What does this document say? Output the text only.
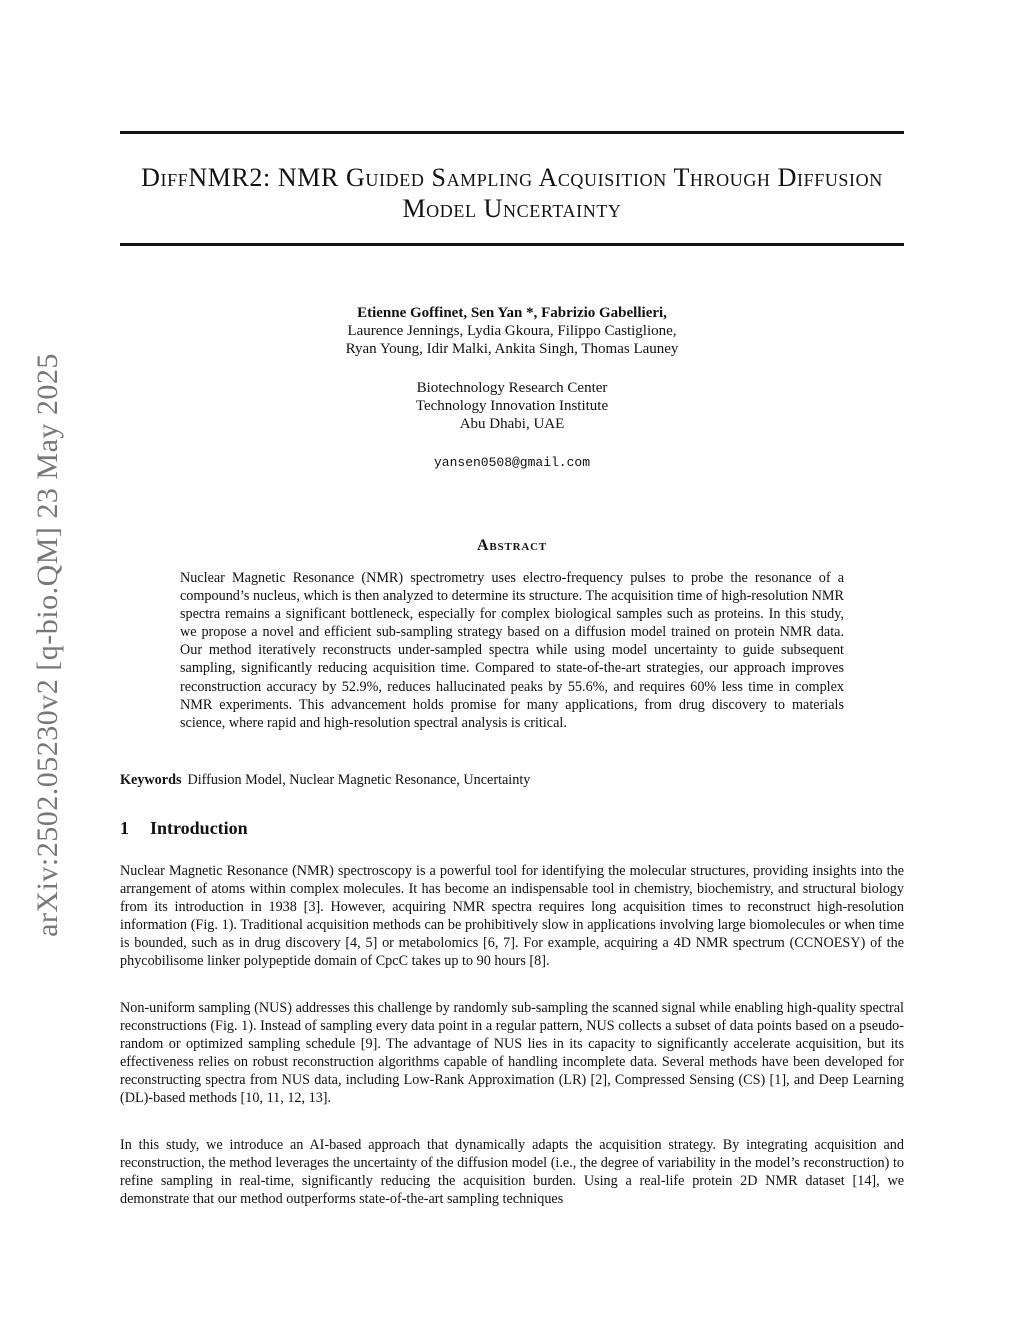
arXiv:2502.05230v2 [q-bio.QM] 23 May 2025
DiffNMR2: NMR Guided Sampling Acquisition Through Diffusion Model Uncertainty
Etienne Goffinet, Sen Yan *, Fabrizio Gabellieri,
Laurence Jennings, Lydia Gkoura, Filippo Castiglione,
Ryan Young, Idir Malki, Ankita Singh, Thomas Launey
Biotechnology Research Center
Technology Innovation Institute
Abu Dhabi, UAE
yansen0508@gmail.com
Abstract
Nuclear Magnetic Resonance (NMR) spectrometry uses electro-frequency pulses to probe the resonance of a compound’s nucleus, which is then analyzed to determine its structure. The acquisition time of high-resolution NMR spectra remains a significant bottleneck, especially for complex biological samples such as proteins. In this study, we propose a novel and efficient sub-sampling strategy based on a diffusion model trained on protein NMR data. Our method iteratively reconstructs under-sampled spectra while using model uncertainty to guide subsequent sampling, significantly reducing acquisition time. Compared to state-of-the-art strategies, our approach improves reconstruction accuracy by 52.9%, reduces hallucinated peaks by 55.6%, and requires 60% less time in complex NMR experiments. This advancement holds promise for many applications, from drug discovery to materials science, where rapid and high-resolution spectral analysis is critical.
Keywords Diffusion Model, Nuclear Magnetic Resonance, Uncertainty
1 Introduction

Nuclear Magnetic Resonance (NMR) spectroscopy is a powerful tool for identifying the molecular structures, providing insights into the arrangement of atoms within complex molecules. It has become an indispensable tool in chemistry, biochemistry, and structural biology from its introduction in 1938 [3]. However, acquiring NMR spectra requires long acquisition times to reconstruct high-resolution information (Fig. 1). Traditional acquisition methods can be prohibitively slow in applications involving large biomolecules or when time is bounded, such as in drug discovery [4, 5] or metabolomics [6, 7]. For example, acquiring a 4D NMR spectrum (CCNOESY) of the phycobilisome linker polypeptide domain of CpcC takes up to 90 hours [8].

Non-uniform sampling (NUS) addresses this challenge by randomly sub-sampling the scanned signal while enabling high-quality spectral reconstructions (Fig. 1). Instead of sampling every data point in a regular pattern, NUS collects a subset of data points based on a pseudo-random or optimized sampling schedule [9]. The advantage of NUS lies in its capacity to significantly accelerate acquisition, but its effectiveness relies on robust reconstruction algorithms capable of handling incomplete data. Several methods have been developed for reconstructing spectra from NUS data, including Low-Rank Approximation (LR) [2], Compressed Sensing (CS) [1], and Deep Learning (DL)-based methods [10, 11, 12, 13].

In this study, we introduce an AI-based approach that dynamically adapts the acquisition strategy. By integrating acquisition and reconstruction, the method leverages the uncertainty of the diffusion model (i.e., the degree of variability in the model’s reconstruction) to refine sampling in real-time, significantly reducing the acquisition burden. Using a real-life protein 2D NMR dataset [14], we demonstrate that our method outperforms state-of-the-art sampling techniques
